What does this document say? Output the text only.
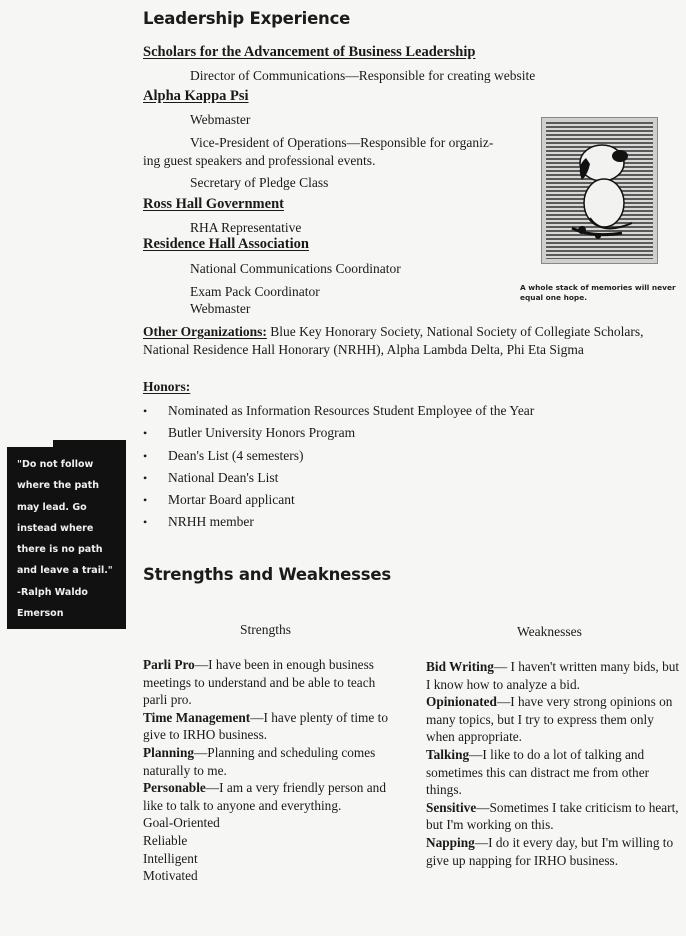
Leadership Experience
Scholars for the Advancement of Business Leadership
Director of Communications—Responsible for creating website
Alpha Kappa Psi
Webmaster
Vice-President of Operations—Responsible for organiz-
ing guest speakers and professional events.
Secretary of Pledge Class
Ross Hall Government
RHA Representative
Residence Hall Association
National Communications Coordinator
Exam Pack Coordinator
Webmaster
A whole stack of memories will never equal one hope.
Other Organizations: Blue Key Honorary Society, National Society of Collegiate Scholars, National Residence Hall Honorary (NRHH), Alpha Lambda Delta, Phi Eta Sigma
Honors:
• Nominated as Information Resources Student Employee of the Year
• Butler University Honors Program
• Dean's List (4 semesters)
• National Dean's List
• Mortar Board applicant
• NRHH member
"Do not follow where the path may lead. Go instead where there is no path and leave a trail."
-Ralph Waldo Emerson
Strengths and Weaknesses
Strengths	Weaknesses
Parli Pro—I have been in enough business meetings to understand and be able to teach parli pro.
Time Management—I have plenty of time to give to IRHO business.
Planning—Planning and scheduling comes naturally to me.
Personable—I am a very friendly person and like to talk to anyone and everything.
Goal-Oriented
Reliable
Intelligent
Motivated
Bid Writing— I haven't written many bids, but I know how to analyze a bid.
Opinionated—I have very strong opinions on many topics, but I try to express them only when appropriate.
Talking—I like to do a lot of talking and sometimes this can distract me from other things.
Sensitive—Sometimes I take criticism to heart, but I'm working on this.
Napping—I do it every day, but I'm willing to give up napping for IRHO business.
